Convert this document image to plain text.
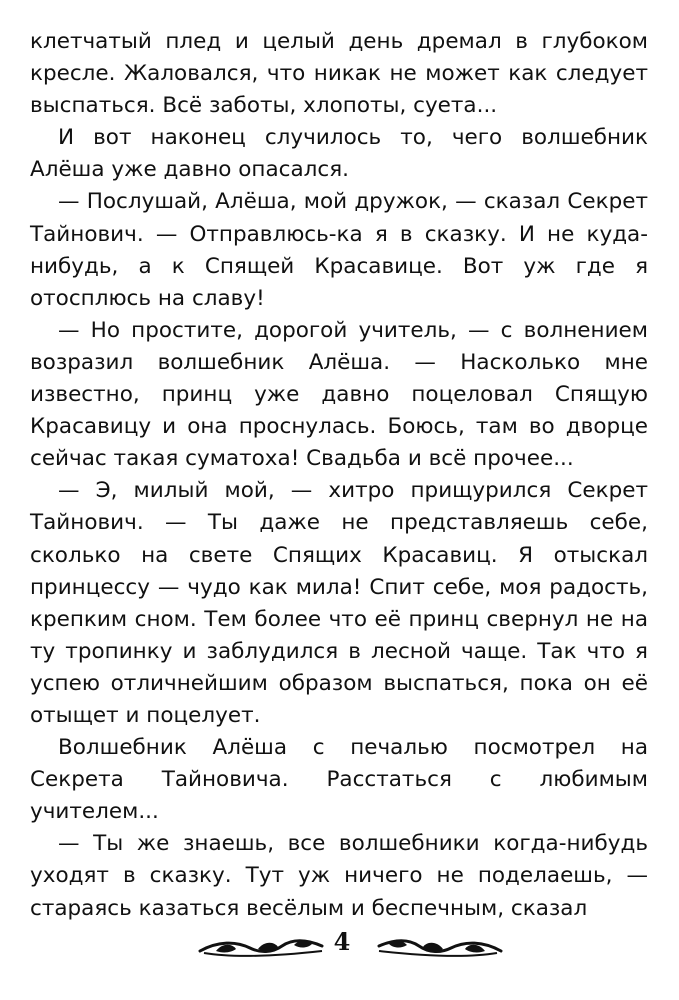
клетчатый плед и целый день дремал в глубоком кресле. Жаловался, что никак не может как следует выспаться. Всё заботы, хлопоты, суета...

И вот наконец случилось то, чего волшебник Алёша уже давно опасался.

— Послушай, Алёша, мой дружок, — сказал Секрет Тайнович. — Отправлюсь-ка я в сказку. И не куда-нибудь, а к Спящей Красавице. Вот уж где я отосплюсь на славу!

— Но простите, дорогой учитель, — с волнением возразил волшебник Алёша. — Насколько мне известно, принц уже давно поцеловал Спящую Красавицу и она проснулась. Боюсь, там во дворце сейчас такая суматоха! Свадьба и всё прочее...

— Э, милый мой, — хитро прищурился Секрет Тайнович. — Ты даже не представляешь себе, сколько на свете Спящих Красавиц. Я отыскал принцессу — чудо как мила! Спит себе, моя радость, крепким сном. Тем более что её принц свернул не на ту тропинку и заблудился в лесной чаще. Так что я успею отличнейшим образом выспаться, пока он её отыщет и поцелует.

Волшебник Алёша с печалью посмотрел на Секрета Тайновича. Расстаться с любимым учителем...

— Ты же знаешь, все волшебники когда-нибудь уходят в сказку. Тут уж ничего не поделаешь, — стараясь казаться весёлым и беспечным, сказал

4
